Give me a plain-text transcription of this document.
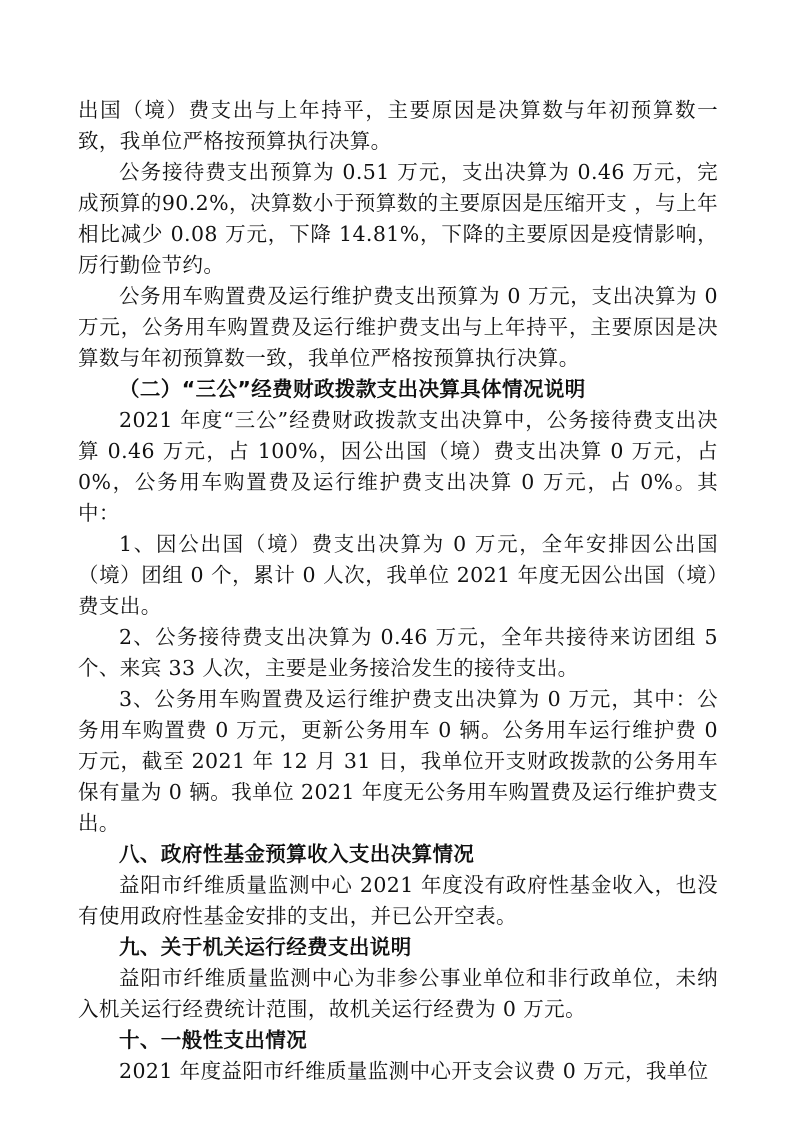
出国（境）费支出与上年持平，主要原因是决算数与年初预算数一致，我单位严格按预算执行决算。

公务接待费支出预算为 0.51 万元，支出决算为 0.46 万元，完成预算的90.2%，决算数小于预算数的主要原因是压缩开支 ，与上年相比减少 0.08 万元，下降 14.81%，下降的主要原因是疫情影响，厉行勤俭节约。

公务用车购置费及运行维护费支出预算为 0 万元，支出决算为 0 万元，公务用车购置费及运行维护费支出与上年持平，主要原因是决算数与年初预算数一致，我单位严格按预算执行决算。

（二）“三公”经费财政拨款支出决算具体情况说明

2021 年度“三公”经费财政拨款支出决算中，公务接待费支出决算 0.46 万元，占 100%，因公出国（境）费支出决算 0 万元，占 0%，公务用车购置费及运行维护费支出决算 0 万元，占 0%。其中：

1、因公出国（境）费支出决算为 0 万元，全年安排因公出国（境）团组 0 个，累计 0 人次，我单位 2021 年度无因公出国（境）费支出。

2、公务接待费支出决算为 0.46 万元，全年共接待来访团组 5 个、来宾 33 人次，主要是业务接洽发生的接待支出。

3、公务用车购置费及运行维护费支出决算为 0 万元，其中：公务用车购置费 0 万元，更新公务用车 0 辆。公务用车运行维护费 0 万元，截至 2021 年 12 月 31 日，我单位开支财政拨款的公务用车保有量为 0 辆。我单位 2021 年度无公务用车购置费及运行维护费支出。

八、政府性基金预算收入支出决算情况

益阳市纤维质量监测中心 2021 年度没有政府性基金收入，也没有使用政府性基金安排的支出，并已公开空表。

九、关于机关运行经费支出说明

益阳市纤维质量监测中心为非参公事业单位和非行政单位，未纳入机关运行经费统计范围，故机关运行经费为 0 万元。

十、一般性支出情况

2021 年度益阳市纤维质量监测中心开支会议费 0 万元，我单位
